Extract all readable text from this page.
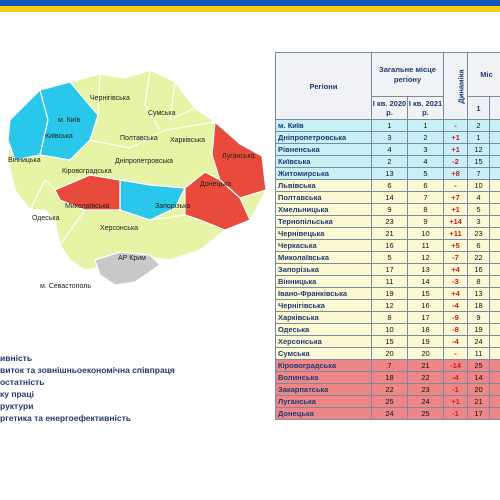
Чернігівська
Сумська
Київська
м. Київ
Полтавська Харківська
Вінницька
Кіровоградська
Дніпропетровська
Луганська
Донецька
Миколаївська	Запорізька
Одеська
Херсонська
АР Крим
м. Севастополь
ивність
виток та зовнішньоекономічна співпраця
остатність
ку праці
руктури
ргетика та енергоефективність
Регіони	Загальне місце регіону		Динаміка	Міс	
	І кв. 2020 р.	І кв. 2021 р.		1	
м. Київ	1	1	-	2	
Дніпропетровська	3	2	+1	1	
Рівненська	4	3	+1	12	
Київська	2	4	-2	15	
Житомирська	13	5	+8	7	
Львівська	6	6	-	10	
Полтавська	14	7	+7	4	
Хмельницька	9	8	+1	5	
Тернопільська	23	9	+14	3	
Чернівецька	21	10	+11	23	
Черкаська	16	11	+5	6	
Миколаївська	5	12	-7	22	
Запорізька	17	13	+4	16	
Вінницька	11	14	-3	8	
Івано-Франківська	19	15	+4	13	
Чернігівська	12	16	-4	18	
Харківська	8	17	-9	9	
Одеська	10	18	-8	19	
Херсонська	15	19	-4	24	
Сумська	20	20	-	11	
Кіровоградська	7	21	-14	25	
Волинська	18	22	-4	14	
Закарпатська	22	23	-1	20	
Луганська	25	24	+1	21	
Донецька	24	25	-1	17	
